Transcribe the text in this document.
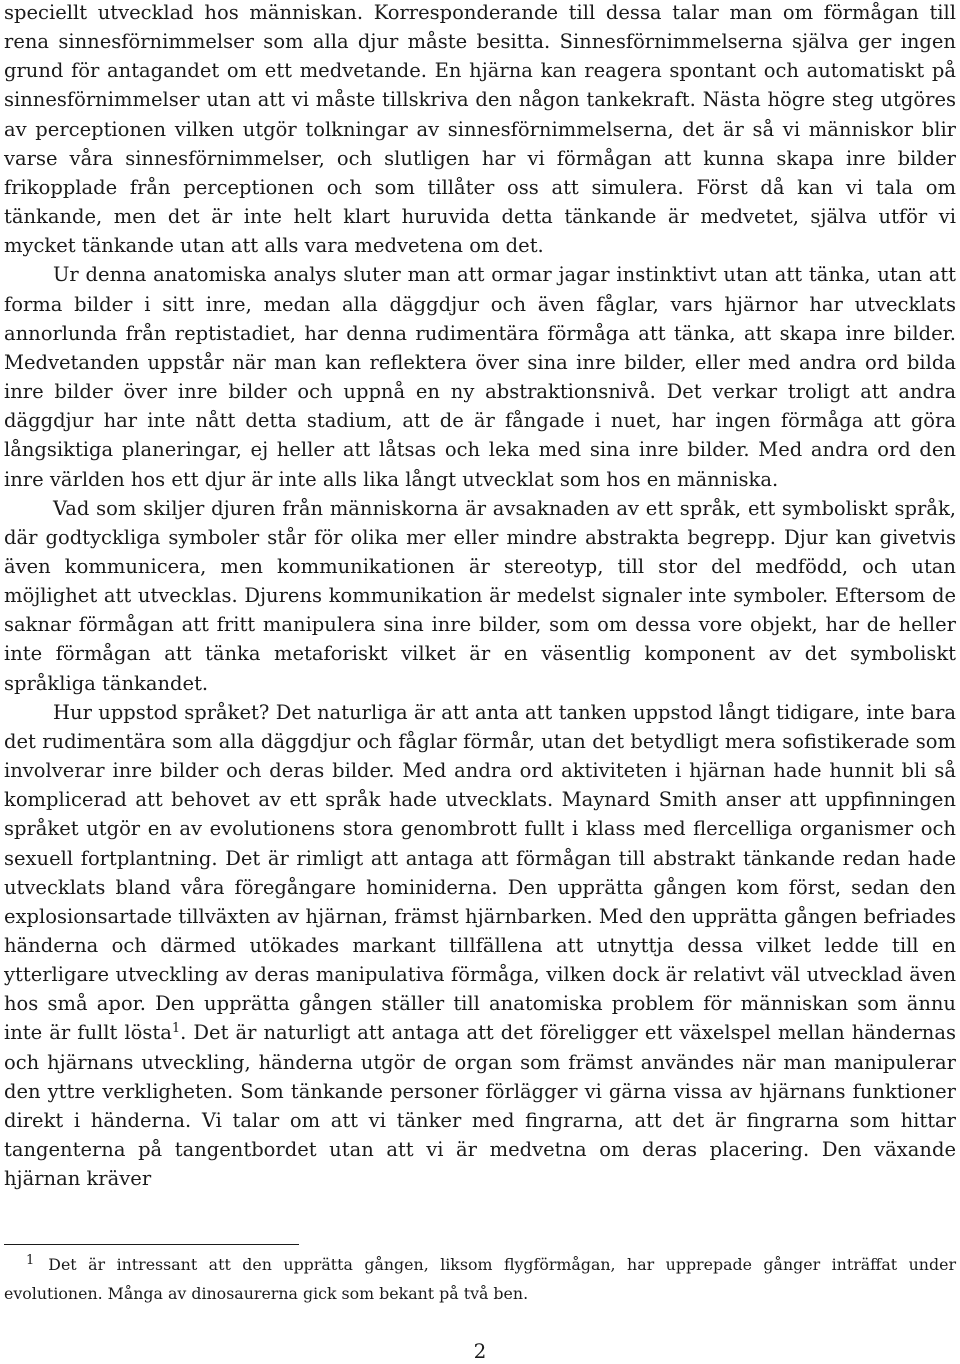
speciellt utvecklad hos människan. Korresponderande till dessa talar man om förmågan till rena sinnesförnimmelser som alla djur måste besitta. Sinnesförnimmelserna själva ger ingen grund för antagandet om ett medvetande. En hjärna kan reagera spontant och automatiskt på sinnesförnimmelser utan att vi måste tillskriva den någon tankekraft. Nästa högre steg utgöres av perceptionen vilken utgör tolkningar av sinnesförnimmelserna, det är så vi människor blir varse våra sinnesförnimmelser, och slutligen har vi förmågan att kunna skapa inre bilder frikopplade från perceptionen och som tillåter oss att simulera. Först då kan vi tala om tänkande, men det är inte helt klart huruvida detta tänkande är medvetet, själva utför vi mycket tänkande utan att alls vara medvetena om det.

Ur denna anatomiska analys sluter man att ormar jagar instinktivt utan att tänka, utan att forma bilder i sitt inre, medan alla däggdjur och även fåglar, vars hjärnor har utvecklats annorlunda från reptistadiet, har denna rudimentära förmåga att tänka, att skapa inre bilder. Medvetanden uppstår när man kan reflektera över sina inre bilder, eller med andra ord bilda inre bilder över inre bilder och uppnå en ny abstraktionsnivå. Det verkar troligt att andra däggdjur har inte nått detta stadium, att de är fångade i nuet, har ingen förmåga att göra långsiktiga planeringar, ej heller att låtsas och leka med sina inre bilder. Med andra ord den inre världen hos ett djur är inte alls lika långt utvecklat som hos en människa.

Vad som skiljer djuren från människorna är avsaknaden av ett språk, ett symboliskt språk, där godtyckliga symboler står för olika mer eller mindre abstrakta begrepp. Djur kan givetvis även kommunicera, men kommunikationen är stereotyp, till stor del medfödd, och utan möjlighet att utvecklas. Djurens kommunikation är medelst signaler inte symboler. Eftersom de saknar förmågan att fritt manipulera sina inre bilder, som om dessa vore objekt, har de heller inte förmågan att tänka metaforiskt vilket är en väsentlig komponent av det symboliskt språkliga tänkandet.

Hur uppstod språket? Det naturliga är att anta att tanken uppstod långt tidigare, inte bara det rudimentära som alla däggdjur och fåglar förmår, utan det betydligt mera sofistikerade som involverar inre bilder och deras bilder. Med andra ord aktiviteten i hjärnan hade hunnit bli så komplicerad att behovet av ett språk hade utvecklats. Maynard Smith anser att uppfinningen språket utgör en av evolutionens stora genombrott fullt i klass med flercelliga organismer och sexuell fortplantning. Det är rimligt att antaga att förmågan till abstrakt tänkande redan hade utvecklats bland våra föregångare hominiderna. Den upprätta gången kom först, sedan den explosionsartade tillväxten av hjärnan, främst hjärnbarken. Med den upprätta gången befriades händerna och därmed utökades markant tillfällena att utnyttja dessa vilket ledde till en ytterligare utveckling av deras manipulativa förmåga, vilken dock är relativt väl utvecklad även hos små apor. Den upprätta gången ställer till anatomiska problem för människan som ännu inte är fullt lösta$^1$. Det är naturligt att antaga att det föreligger ett växelspel mellan händernas och hjärnans utveckling, händerna utgör de organ som främst användes när man manipulerar den yttre verkligheten. Som tänkande personer förlägger vi gärna vissa av hjärnans funktioner direkt i händerna. Vi talar om att vi tänker med fingrarna, att det är fingrarna som hittar tangenterna på tangentbordet utan att vi är medvetna om deras placering. Den växande hjärnan kräver

$^1$ Det är intressant att den upprätta gången, liksom flygförmågan, har upprepade gånger inträffat under evolutionen. Många av dinosaurerna gick som bekant på två ben.

2
